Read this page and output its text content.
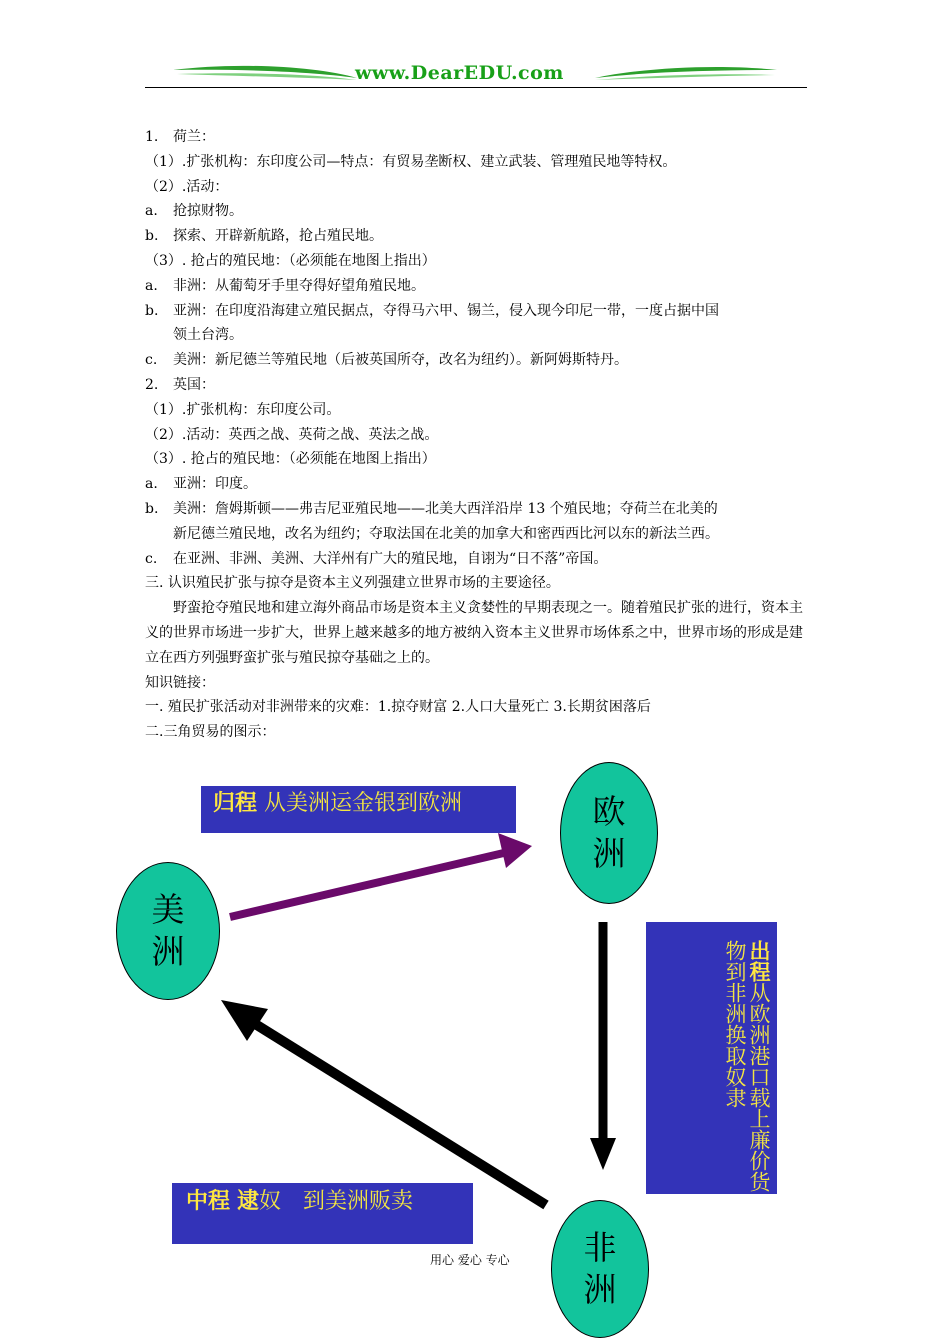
www.DearEDU.com
1. 荷兰：
（1）.扩张机构：东印度公司—特点：有贸易垄断权、建立武装、管理殖民地等特权。
（2）.活动：
a. 抢掠财物。
b. 探索、开辟新航路，抢占殖民地。
（3）. 抢占的殖民地：（必须能在地图上指出）
a. 非洲：从葡萄牙手里夺得好望角殖民地。
b. 亚洲：在印度沿海建立殖民据点，夺得马六甲、锡兰，侵入现今印尼一带，一度占据中国
领土台湾。
c. 美洲：新尼德兰等殖民地（后被英国所夺，改名为纽约）。新阿姆斯特丹。
2. 英国：
（1）.扩张机构：东印度公司。
（2）.活动：英西之战、英荷之战、英法之战。
（3）. 抢占的殖民地：（必须能在地图上指出）
a. 亚洲：印度。
b. 美洲：詹姆斯顿——弗吉尼亚殖民地——北美大西洋沿岸 13 个殖民地；夺荷兰在北美的
新尼德兰殖民地，改名为纽约；夺取法国在北美的加拿大和密西西比河以东的新法兰西。
c. 在亚洲、非洲、美洲、大洋州有广大的殖民地，自诩为“日不落”帝国。
三. 认识殖民扩张与掠夺是资本主义列强建立世界市场的主要途径。
野蛮抢夺殖民地和建立海外商品市场是资本主义贪婪性的早期表现之一。随着殖民扩张的进行，资本主义的世界市场进一步扩大，世界上越来越多的地方被纳入资本主义世界市场体系之中，世界市场的形成是建立在西方列强野蛮扩张与殖民掠夺基础之上的。
知识链接：
一. 殖民扩张活动对非洲带来的灾难：1.掠夺财富 2.人口大量死亡 3.长期贫困落后
二.三角贸易的图示：
归程 从美洲运金银到欧洲
出程从欧洲港口载上廉价货物到非洲换取奴隶
中程 逮奴 到美洲贩卖
欧
洲
美
洲
非
洲
用心 爱心 专心
